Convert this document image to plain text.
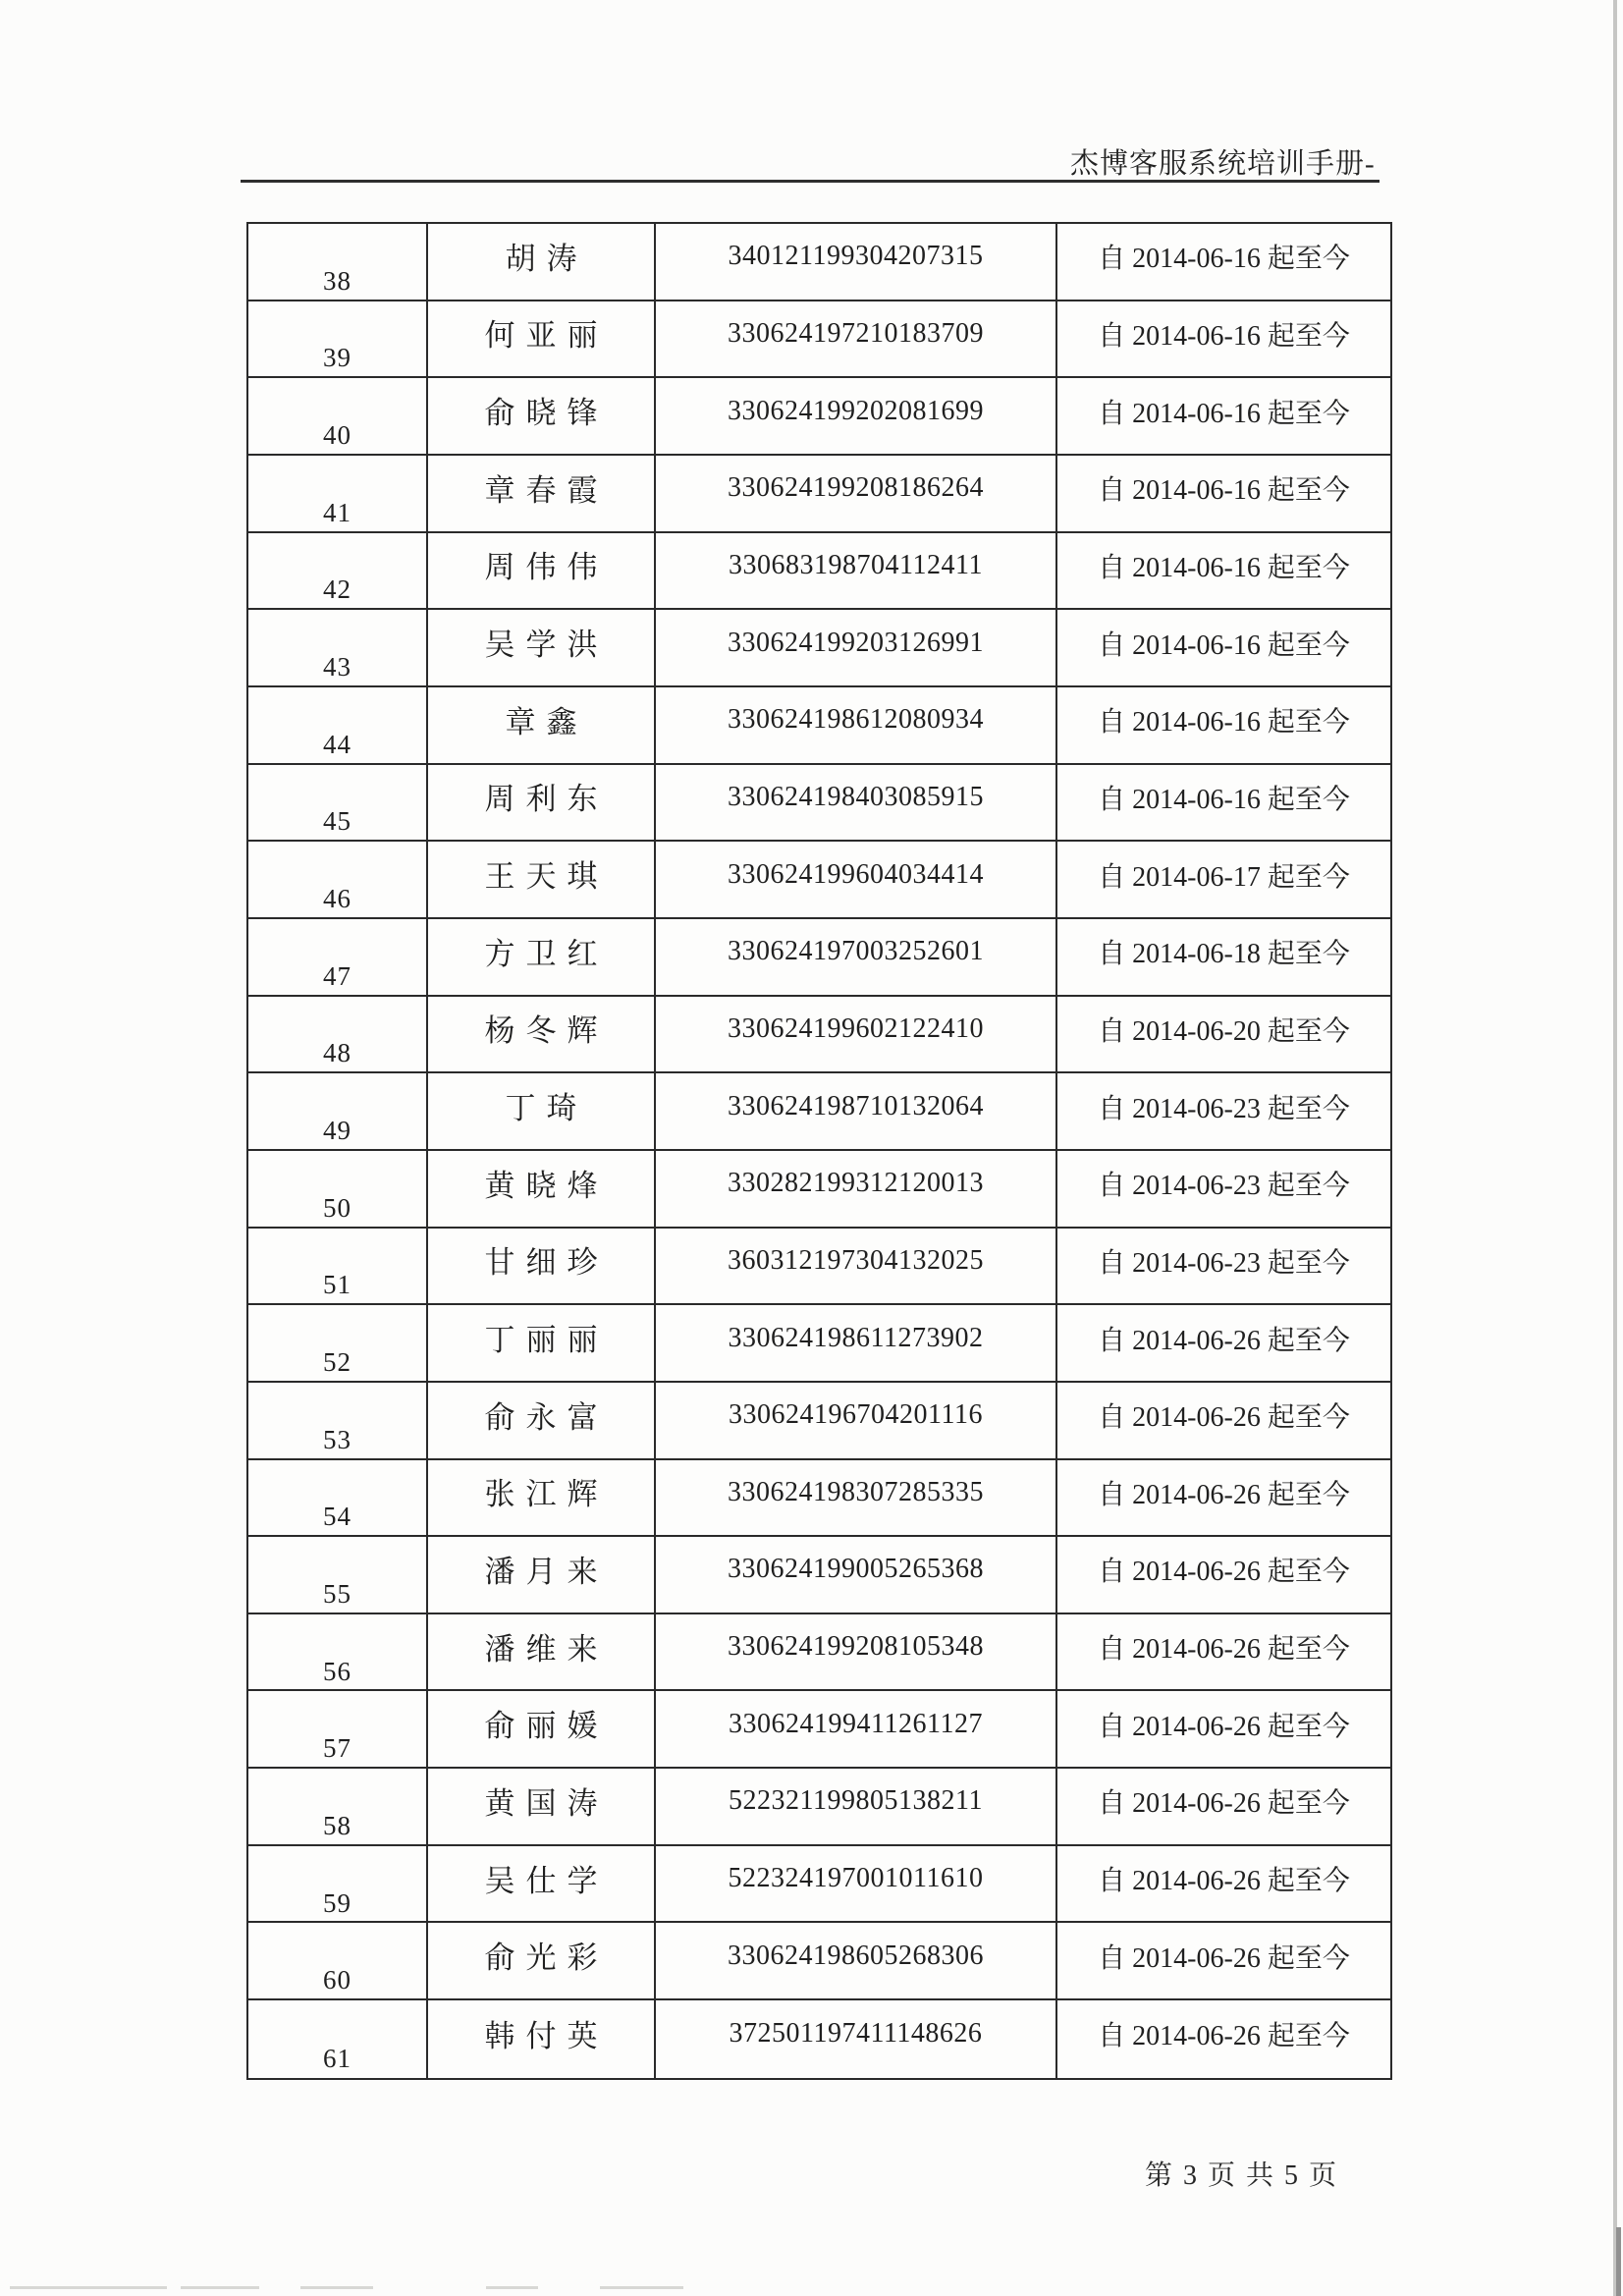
杰博客服系统培训手册-
38
胡涛	340121199304207315	自 2014-06-16 起至今
39
何亚丽	330624197210183709	自 2014-06-16 起至今
40
俞晓锋	330624199202081699	自 2014-06-16 起至今
41
章春霞	330624199208186264	自 2014-06-16 起至今
42
周伟伟	330683198704112411	自 2014-06-16 起至今
43
吴学洪	330624199203126991	自 2014-06-16 起至今
44
章鑫	330624198612080934	自 2014-06-16 起至今
45
周利东	330624198403085915	自 2014-06-16 起至今
46
王天琪	330624199604034414	自 2014-06-17 起至今
47
方卫红	330624197003252601	自 2014-06-18 起至今
48
杨冬辉	330624199602122410	自 2014-06-20 起至今
49
丁琦	330624198710132064	自 2014-06-23 起至今
50
黄晓烽	330282199312120013	自 2014-06-23 起至今
51
甘细珍	360312197304132025	自 2014-06-23 起至今
52
丁丽丽	330624198611273902	自 2014-06-26 起至今
53
俞永富	330624196704201116	自 2014-06-26 起至今
54
张江辉	330624198307285335	自 2014-06-26 起至今
55
潘月来	330624199005265368	自 2014-06-26 起至今
56
潘维来	330624199208105348	自 2014-06-26 起至今
57
俞丽媛	330624199411261127	自 2014-06-26 起至今
58
黄国涛	522321199805138211	自 2014-06-26 起至今
59
吴仕学	522324197001011610	自 2014-06-26 起至今
60
俞光彩	330624198605268306	自 2014-06-26 起至今
61
韩付英	372501197411148626	自 2014-06-26 起至今
第 3 页 共 5 页
